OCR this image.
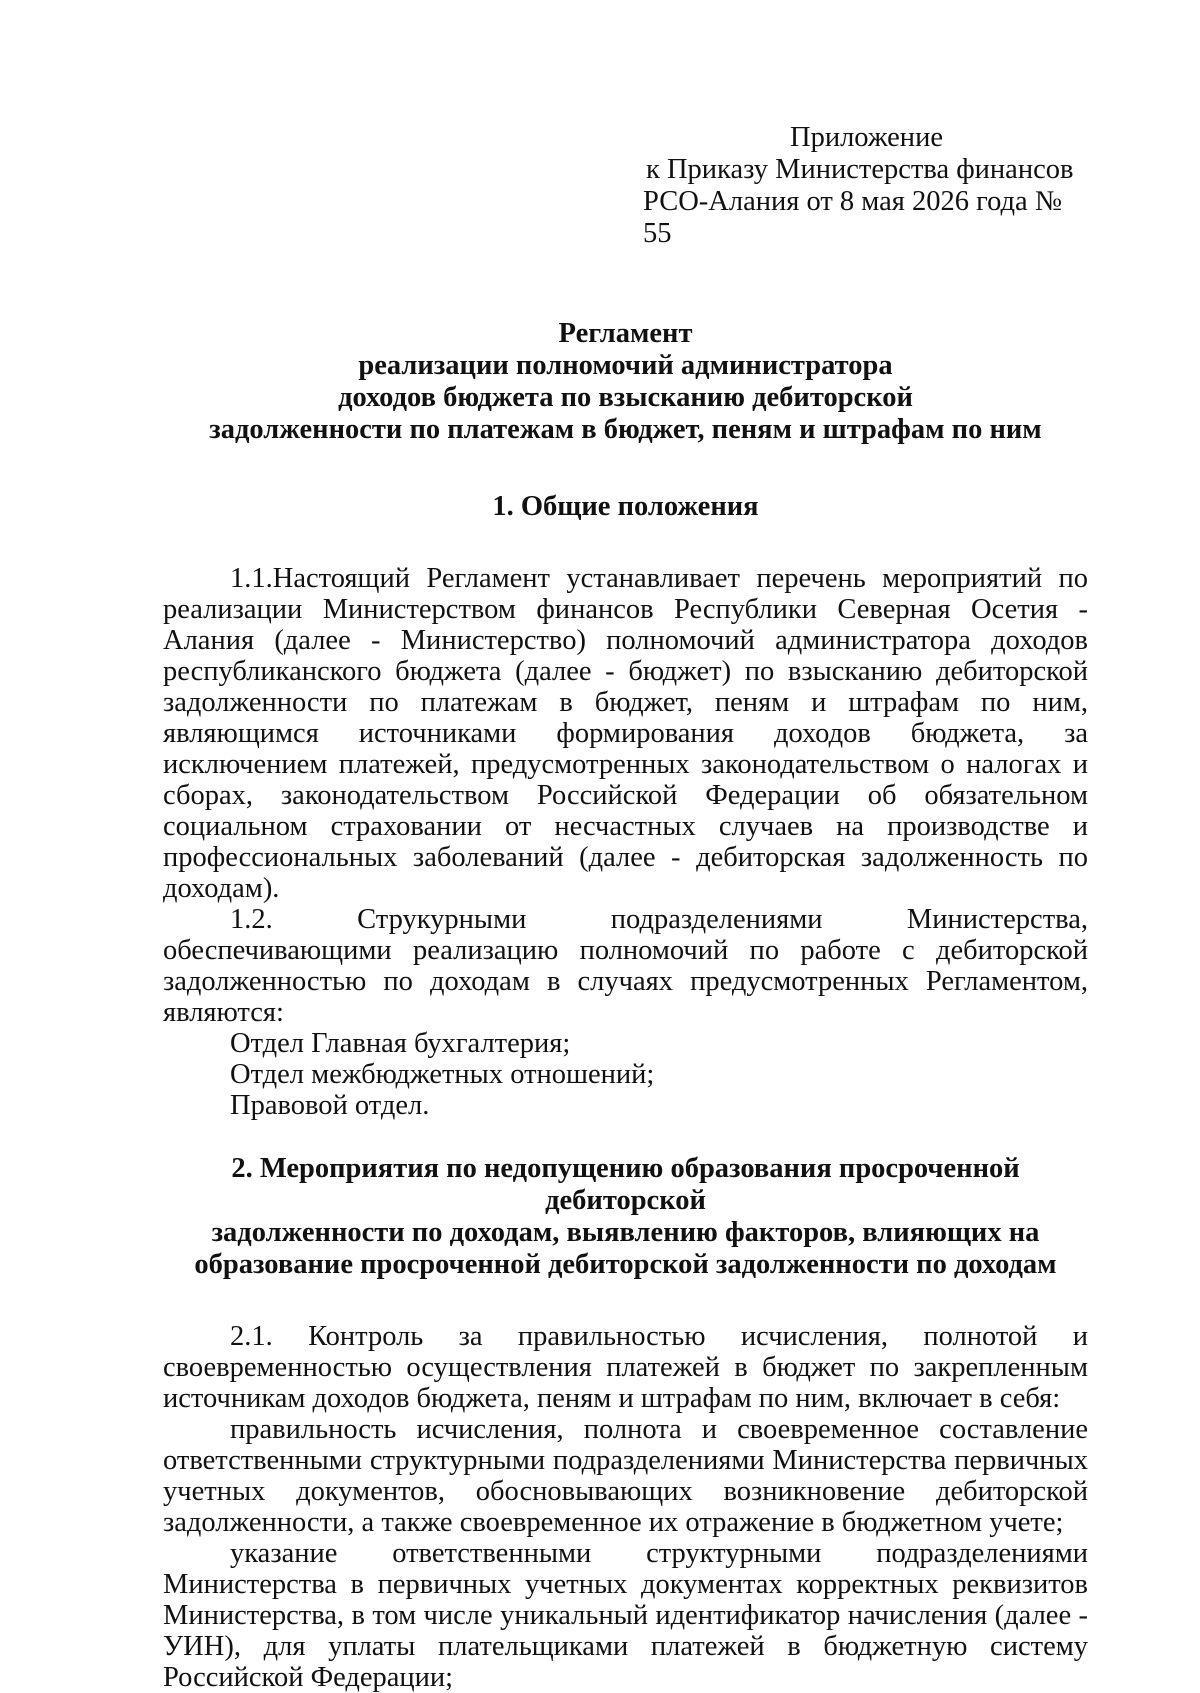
Приложение
к Приказу Министерства финансов
РСО-Алания от 8 мая 2026 года № 55
Регламент
реализации полномочий администратора
доходов бюджета по взысканию дебиторской
задолженности по платежам в бюджет, пеням и штрафам по ним
1. Общие положения

1.1.Настоящий Регламент устанавливает перечень мероприятий по реализации Министерством финансов Республики Северная Осетия - Алания (далее - Министерство) полномочий администратора доходов республиканского бюджета (далее - бюджет) по взысканию дебиторской задолженности по платежам в бюджет, пеням и штрафам по ним, являющимся источниками формирования доходов бюджета, за исключением платежей, предусмотренных законодательством о налогах и сборах, законодательством Российской Федерации об обязательном социальном страховании от несчастных случаев на производстве и профессиональных заболеваний (далее - дебиторская задолженность по доходам).

1.2. Струкурными подразделениями Министерства, обеспечивающими реализацию полномочий по работе с дебиторской задолженностью по доходам в случаях предусмотренных Регламентом, являются:

Отдел Главная бухгалтерия;
Отдел межбюджетных отношений;
Правовой отдел.
2. Мероприятия по недопущению образования просроченной дебиторской
задолженности по доходам, выявлению факторов, влияющих на
образование просроченной дебиторской задолженности по доходам

2.1. Контроль за правильностью исчисления, полнотой и своевременностью осуществления платежей в бюджет по закрепленным источникам доходов бюджета, пеням и штрафам по ним, включает в себя:

правильность исчисления, полнота и своевременное составление ответственными структурными подразделениями Министерства первичных учетных документов, обосновывающих возникновение дебиторской задолженности, а также своевременное их отражение в бюджетном учете;

указание ответственными структурными подразделениями Министерства в первичных учетных документах корректных реквизитов Министерства, в том числе уникальный идентификатор начисления (далее - УИН), для уплаты плательщиками платежей в бюджетную систему Российской Федерации;
